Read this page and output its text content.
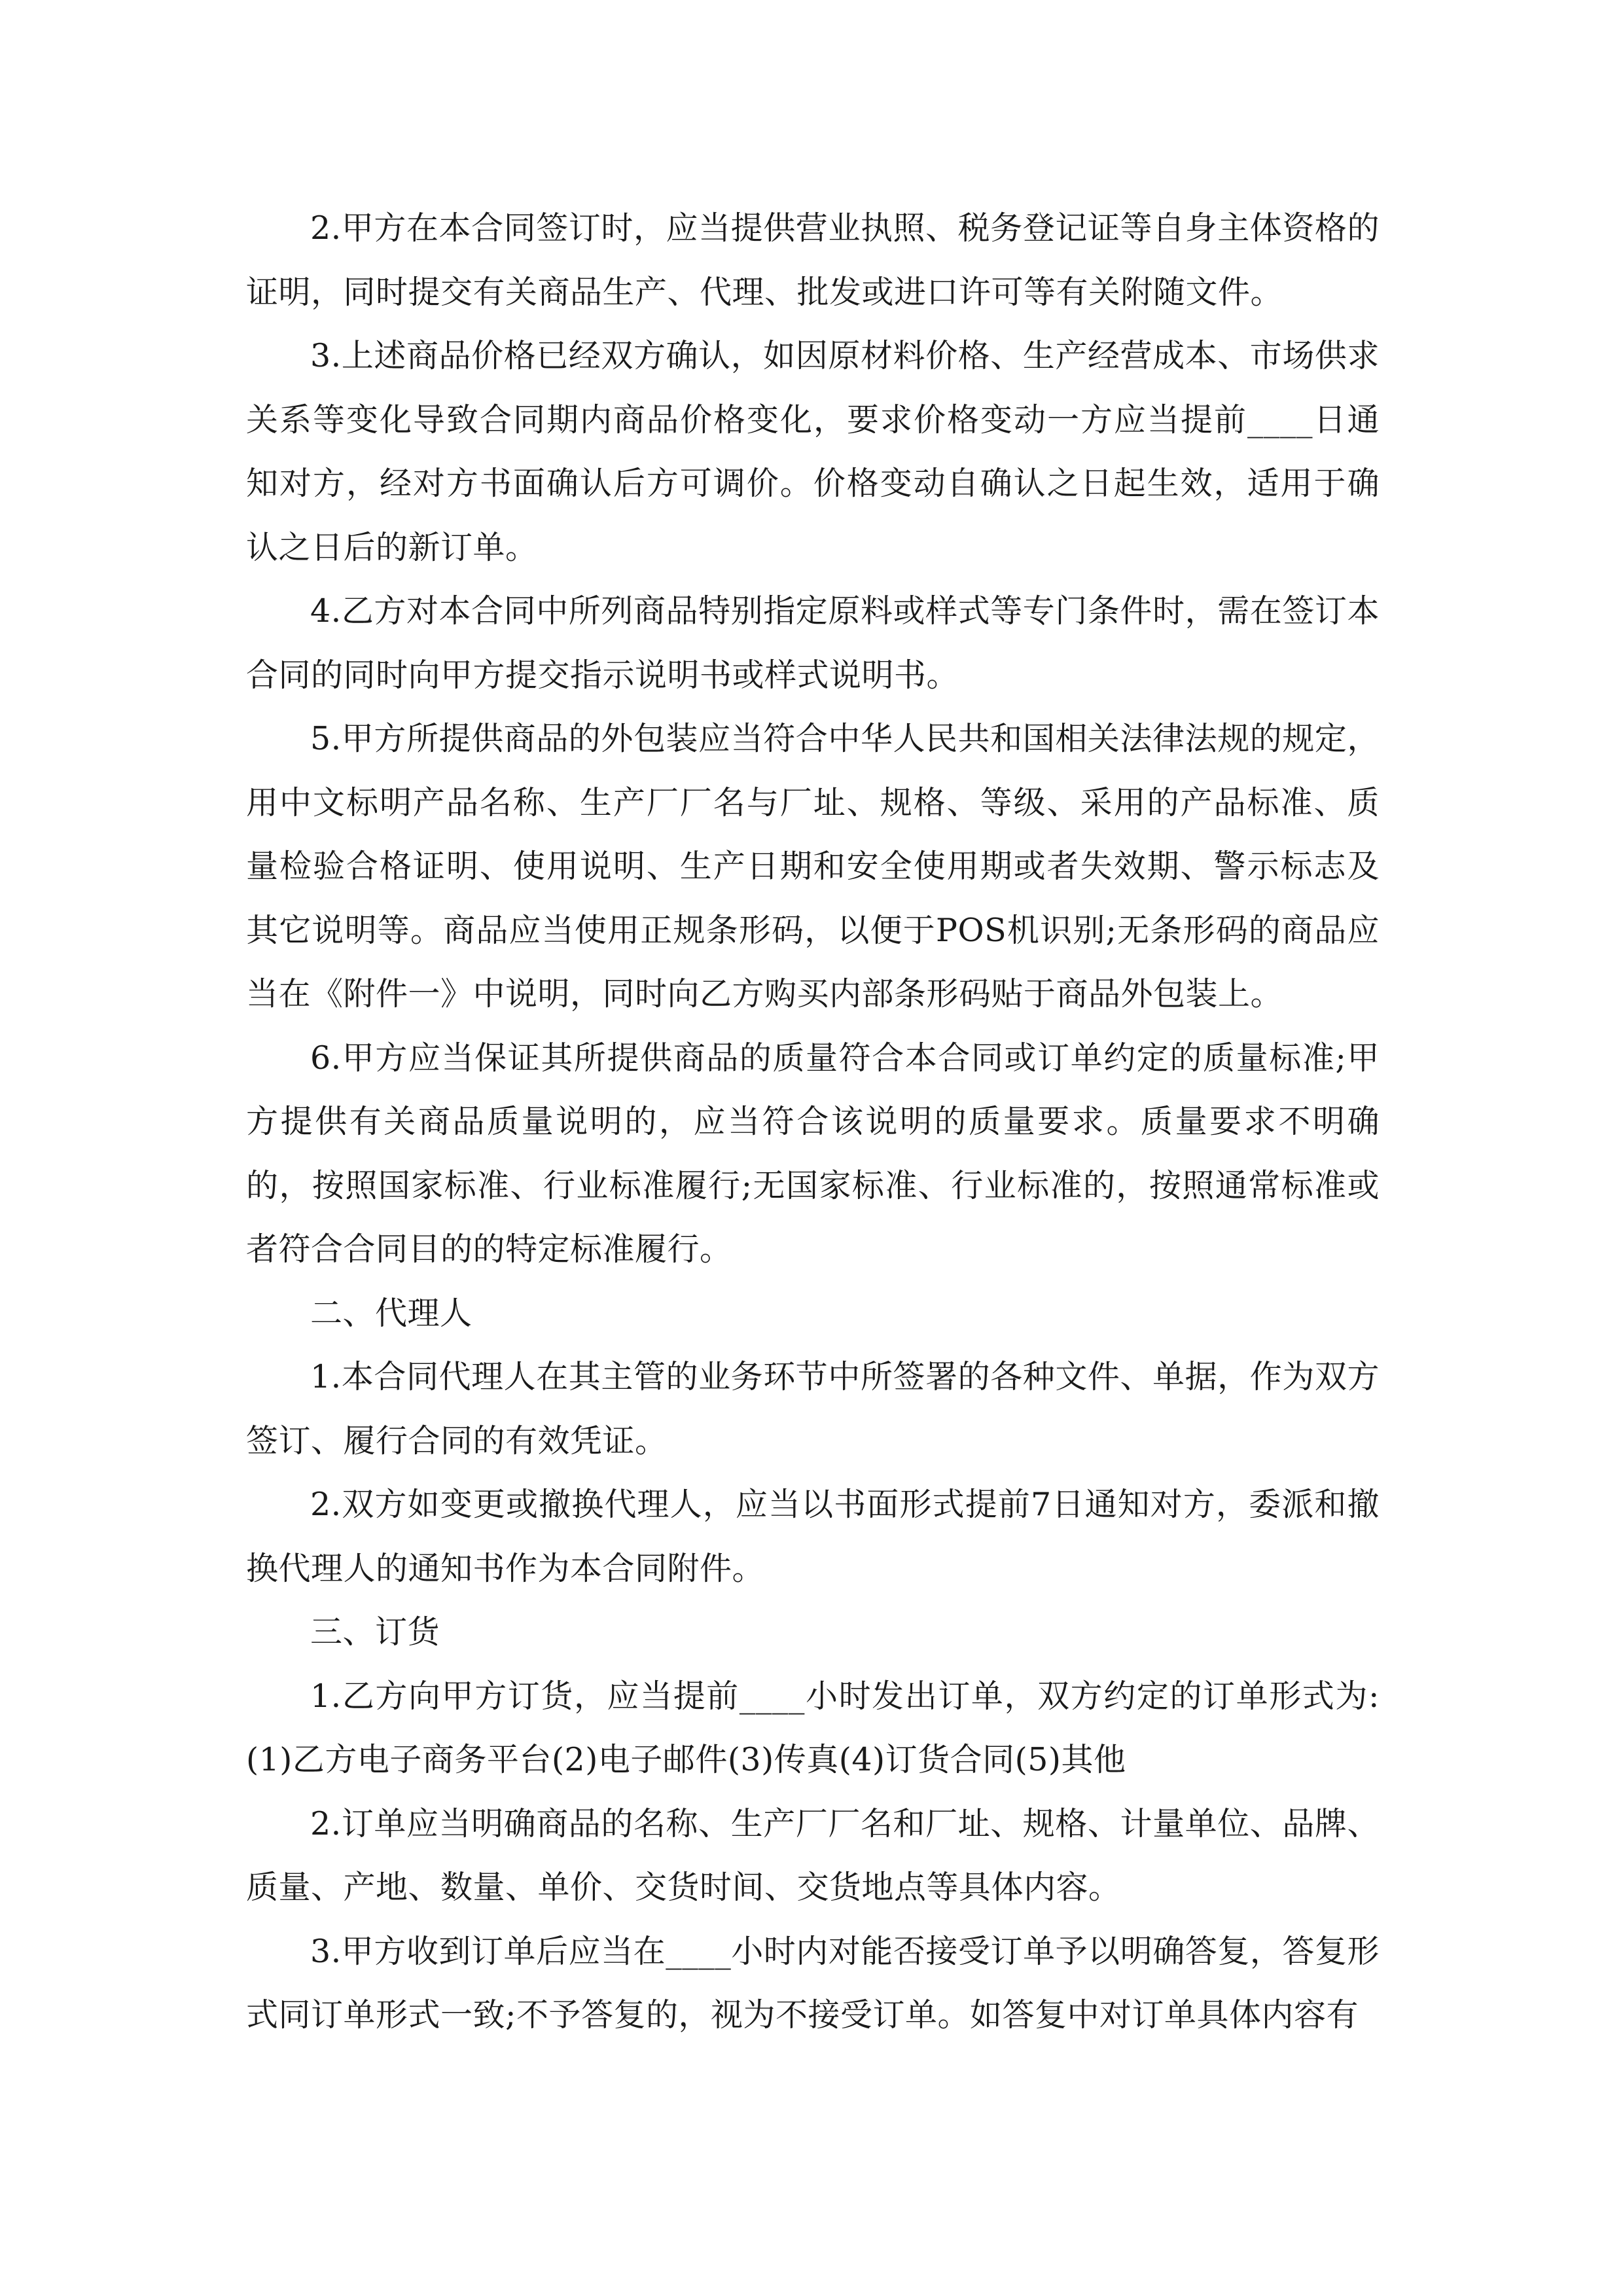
2.甲方在本合同签订时，应当提供营业执照、税务登记证等自身主体资格的证明，同时提交有关商品生产、代理、批发或进口许可等有关附随文件。

3.上述商品价格已经双方确认，如因原材料价格、生产经营成本、市场供求关系等变化导致合同期内商品价格变化，要求价格变动一方应当提前____日通知对方，经对方书面确认后方可调价。价格变动自确认之日起生效，适用于确认之日后的新订单。

4.乙方对本合同中所列商品特别指定原料或样式等专门条件时，需在签订本合同的同时向甲方提交指示说明书或样式说明书。

5.甲方所提供商品的外包装应当符合中华人民共和国相关法律法规的规定，用中文标明产品名称、生产厂厂名与厂址、规格、等级、采用的产品标准、质量检验合格证明、使用说明、生产日期和安全使用期或者失效期、警示标志及其它说明等。商品应当使用正规条形码，以便于POS机识别;无条形码的商品应当在《附件一》中说明，同时向乙方购买内部条形码贴于商品外包装上。

6.甲方应当保证其所提供商品的质量符合本合同或订单约定的质量标准;甲方提供有关商品质量说明的，应当符合该说明的质量要求。质量要求不明确的，按照国家标准、行业标准履行;无国家标准、行业标准的，按照通常标准或者符合合同目的的特定标准履行。

二、代理人

1.本合同代理人在其主管的业务环节中所签署的各种文件、单据，作为双方签订、履行合同的有效凭证。

2.双方如变更或撤换代理人，应当以书面形式提前7日通知对方，委派和撤换代理人的通知书作为本合同附件。

三、订货

1.乙方向甲方订货，应当提前____小时发出订单，双方约定的订单形式为:(1)乙方电子商务平台(2)电子邮件(3)传真(4)订货合同(5)其他

2.订单应当明确商品的名称、生产厂厂名和厂址、规格、计量单位、品牌、质量、产地、数量、单价、交货时间、交货地点等具体内容。

3.甲方收到订单后应当在____小时内对能否接受订单予以明确答复，答复形式同订单形式一致;不予答复的，视为不接受订单。如答复中对订单具体内容有
